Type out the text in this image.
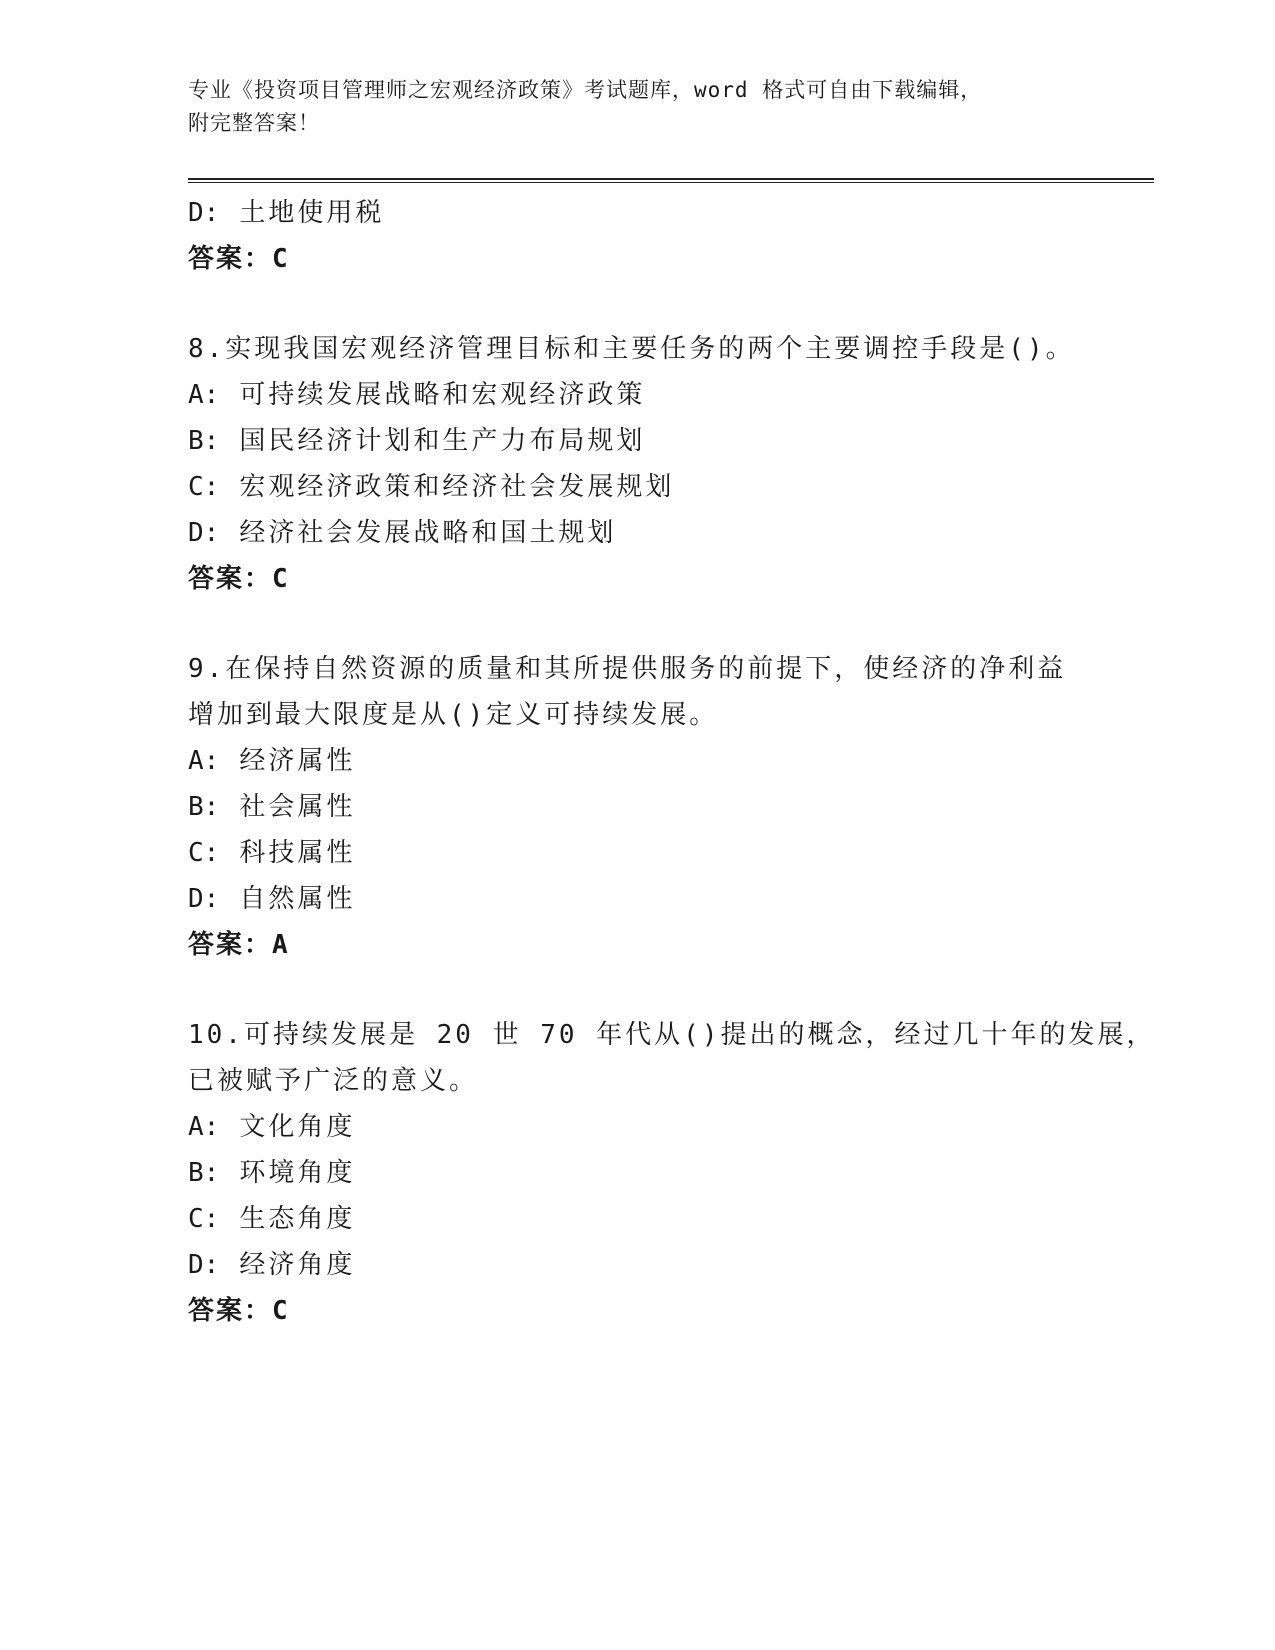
专业《投资项目管理师之宏观经济政策》考试题库，word 格式可自由下载编辑，
附完整答案！
D: 土地使用税
答案：C
8.实现我国宏观经济管理目标和主要任务的两个主要调控手段是()。
A: 可持续发展战略和宏观经济政策
B: 国民经济计划和生产力布局规划
C: 宏观经济政策和经济社会发展规划
D: 经济社会发展战略和国土规划
答案：C
9.在保持自然资源的质量和其所提供服务的前提下，使经济的净利益
增加到最大限度是从()定义可持续发展。
A: 经济属性
B: 社会属性
C: 科技属性
D: 自然属性
答案：A
10.可持续发展是 20 世 70 年代从()提出的概念，经过几十年的发展，
已被赋予广泛的意义。
A: 文化角度
B: 环境角度
C: 生态角度
D: 经济角度
答案：C
